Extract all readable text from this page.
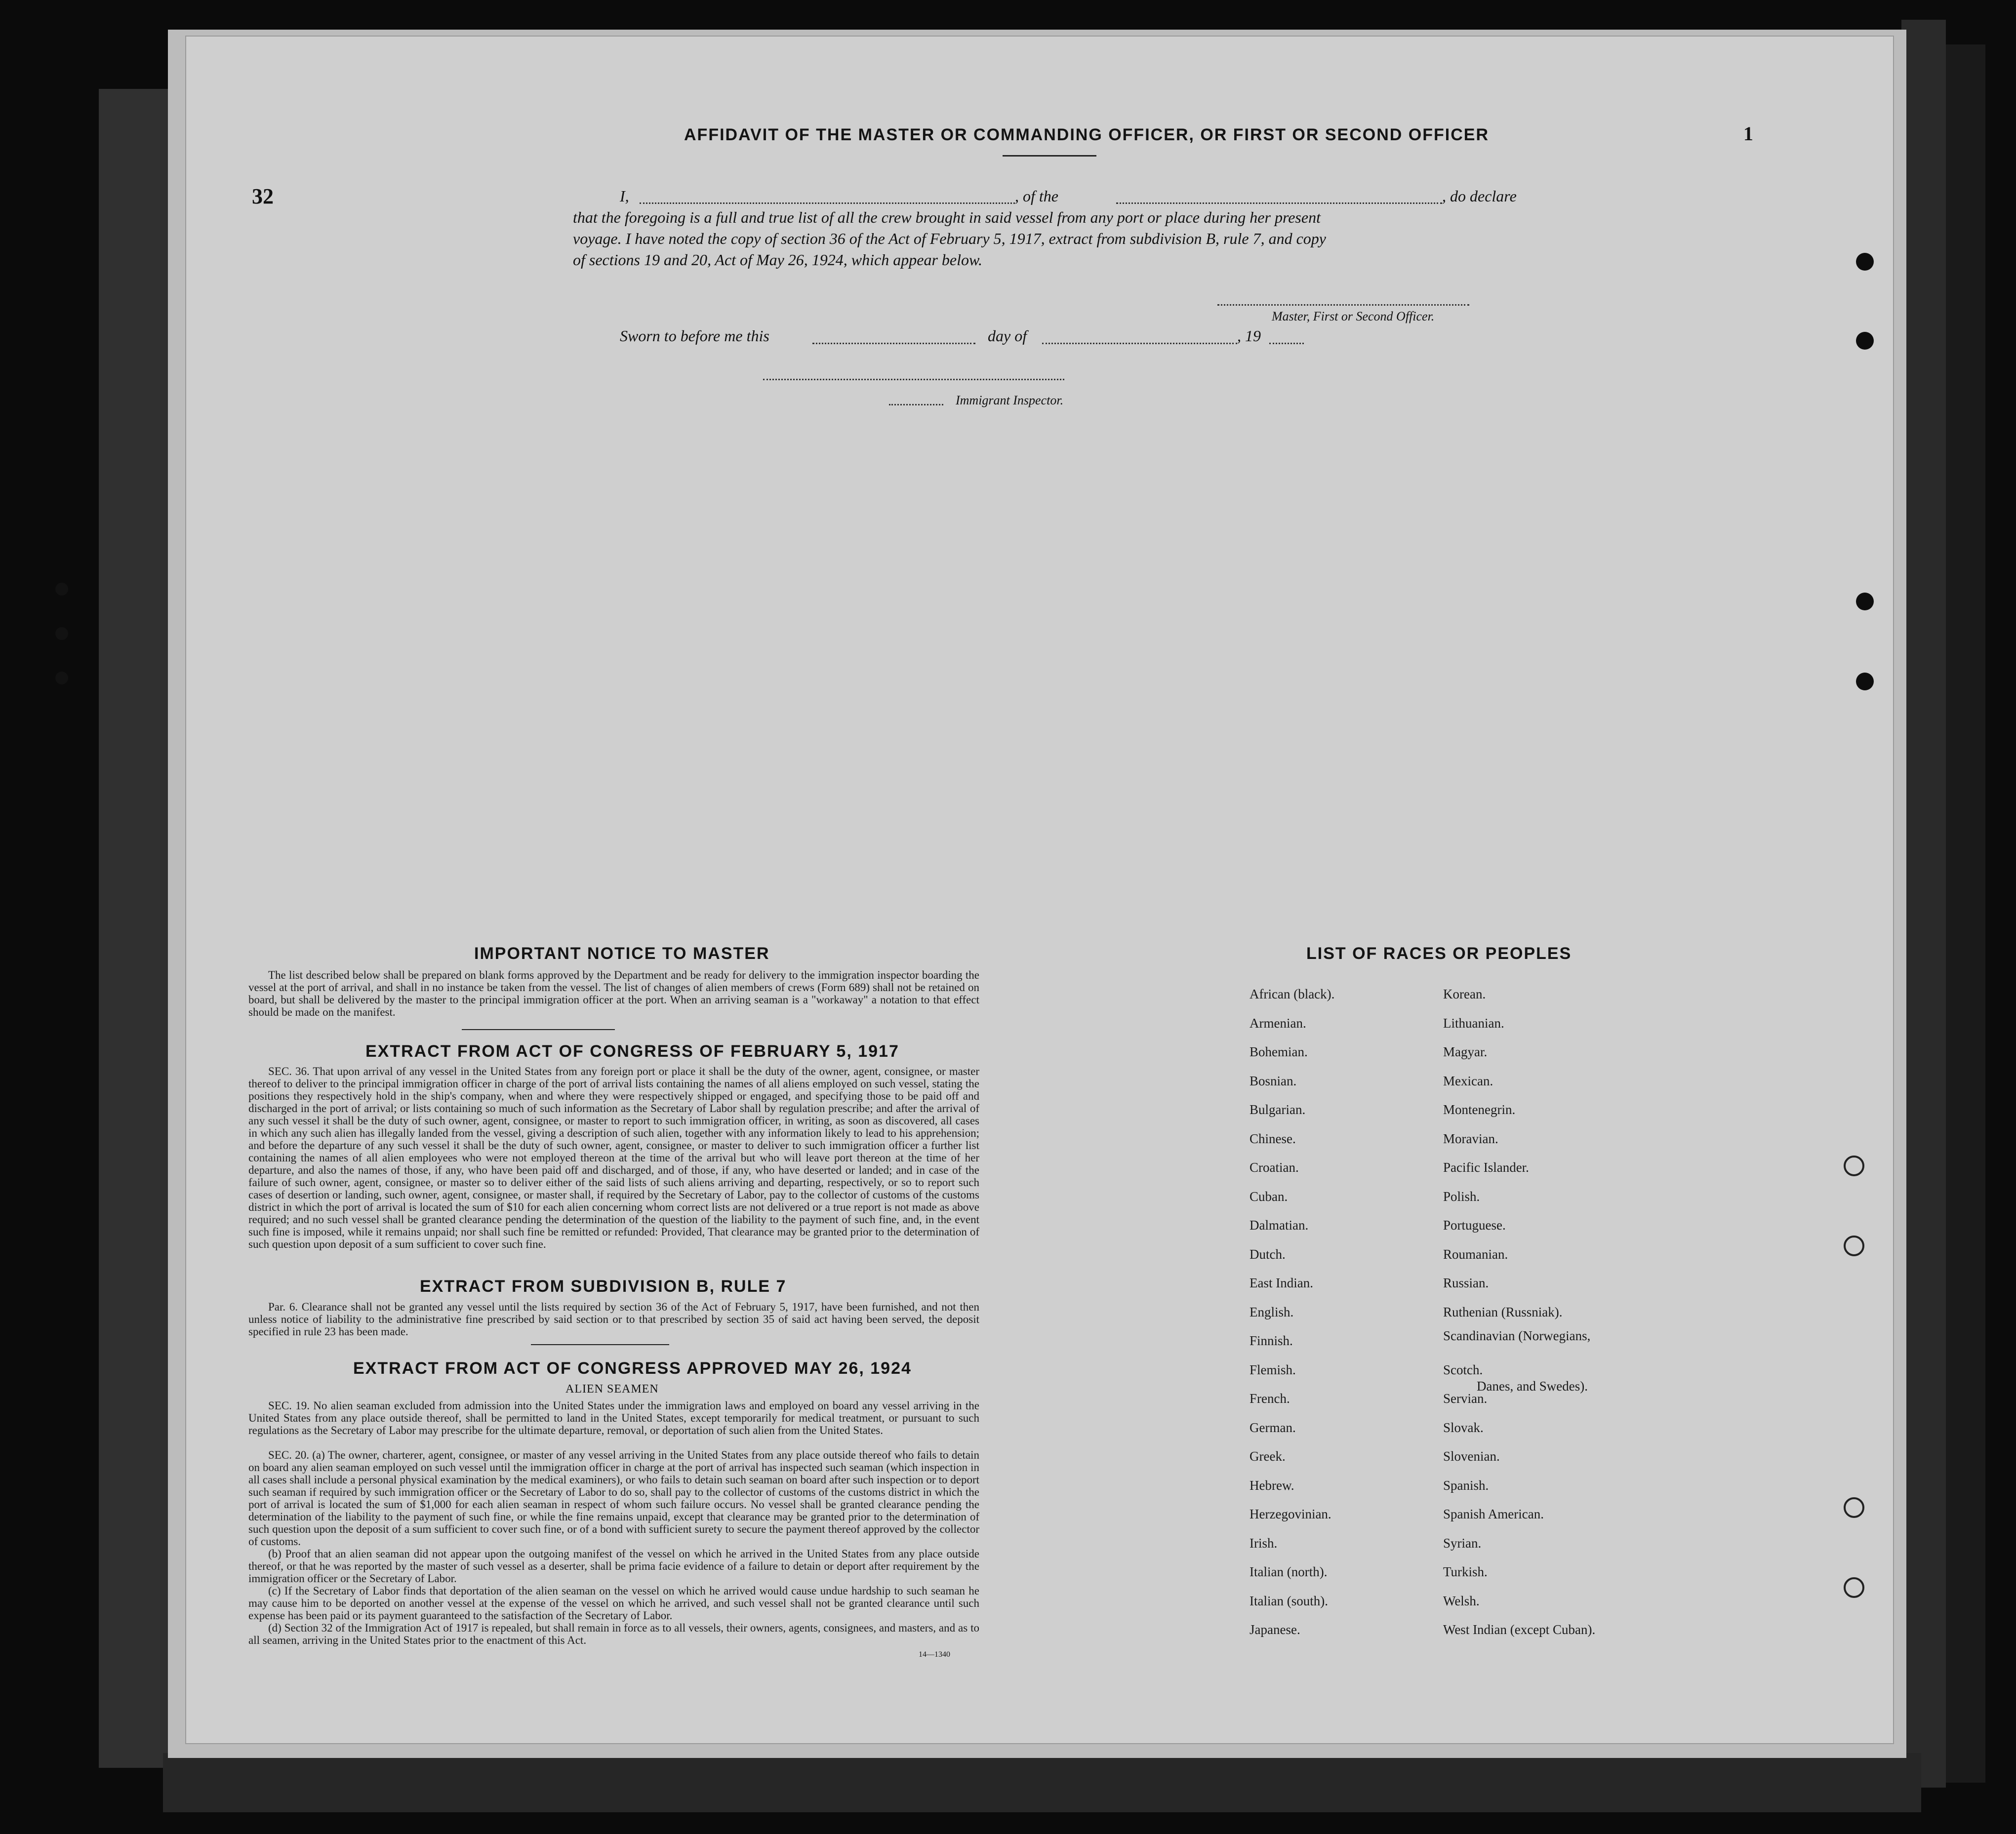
AFFIDAVIT OF THE MASTER OR COMMANDING OFFICER, OR FIRST OR SECOND OFFICER	1
32	I,	, of the	, do declare
that the foregoing is a full and true list of all the crew brought in said vessel from any port or place during her present
voyage. I have noted the copy of section 36 of the Act of February 5, 1917, extract from subdivision B, rule 7, and copy
of sections 19 and 20, Act of May 26, 1924, which appear below.
Master, First or Second Officer.
Sworn to before me this	day of	, 19
Immigrant Inspector.
IMPORTANT NOTICE TO MASTER
The list described below shall be prepared on blank forms approved by the Department and be ready for delivery to the immigration inspector boarding the vessel at the port of arrival, and shall in no instance be taken from the vessel. The list of changes of alien members of crews (Form 689) shall not be retained on board, but shall be delivered by the master to the principal immigration officer at the port. When an arriving seaman is a "workaway" a notation to that effect should be made on the manifest.
EXTRACT FROM ACT OF CONGRESS OF FEBRUARY 5, 1917
SEC. 36. That upon arrival of any vessel in the United States from any foreign port or place it shall be the duty of the owner, agent, consignee, or master thereof to deliver to the principal immigration officer in charge of the port of arrival lists containing the names of all aliens employed on such vessel, stating the positions they respectively hold in the ship's company, when and where they were respectively shipped or engaged, and specifying those to be paid off and discharged in the port of arrival; or lists containing so much of such information as the Secretary of Labor shall by regulation prescribe; and after the arrival of any such vessel it shall be the duty of such owner, agent, consignee, or master to report to such immigration officer, in writing, as soon as discovered, all cases in which any such alien has illegally landed from the vessel, giving a description of such alien, together with any information likely to lead to his apprehension; and before the departure of any such vessel it shall be the duty of such owner, agent, consignee, or master to deliver to such immigration officer a further list containing the names of all alien employees who were not employed thereon at the time of the arrival but who will leave port thereon at the time of her departure, and also the names of those, if any, who have been paid off and discharged, and of those, if any, who have deserted or landed; and in case of the failure of such owner, agent, consignee, or master so to deliver either of the said lists of such aliens arriving and departing, respectively, or so to report such cases of desertion or landing, such owner, agent, consignee, or master shall, if required by the Secretary of Labor, pay to the collector of customs of the customs district in which the port of arrival is located the sum of $10 for each alien concerning whom correct lists are not delivered or a true report is not made as above required; and no such vessel shall be granted clearance pending the determination of the question of the liability to the payment of such fine, and, in the event such fine is imposed, while it remains unpaid; nor shall such fine be remitted or refunded: Provided, That clearance may be granted prior to the determination of such question upon deposit of a sum sufficient to cover such fine.
EXTRACT FROM SUBDIVISION B, RULE 7
Par. 6. Clearance shall not be granted any vessel until the lists required by section 36 of the Act of February 5, 1917, have been furnished, and not then unless notice of liability to the administrative fine prescribed by said section or to that prescribed by section 35 of said act having been served, the deposit specified in rule 23 has been made.
EXTRACT FROM ACT OF CONGRESS APPROVED MAY 26, 1924
ALIEN SEAMEN
SEC. 19. No alien seaman excluded from admission into the United States under the immigration laws and employed on board any vessel arriving in the United States from any place outside thereof, shall be permitted to land in the United States, except temporarily for medical treatment, or pursuant to such regulations as the Secretary of Labor may prescribe for the ultimate departure, removal, or deportation of such alien from the United States.
SEC. 20. (a) The owner, charterer, agent, consignee, or master of any vessel arriving in the United States from any place outside thereof who fails to detain on board any alien seaman employed on such vessel until the immigration officer in charge at the port of arrival has inspected such seaman (which inspection in all cases shall include a personal physical examination by the medical examiners), or who fails to detain such seaman on board after such inspection or to deport such seaman if required by such immigration officer or the Secretary of Labor to do so, shall pay to the collector of customs of the customs district in which the port of arrival is located the sum of $1,000 for each alien seaman in respect of whom such failure occurs. No vessel shall be granted clearance pending the determination of the liability to the payment of such fine, or while the fine remains unpaid, except that clearance may be granted prior to the determination of such question upon the deposit of a sum sufficient to cover such fine, or of a bond with sufficient surety to secure the payment thereof approved by the collector of customs.
(b) Proof that an alien seaman did not appear upon the outgoing manifest of the vessel on which he arrived in the United States from any place outside thereof, or that he was reported by the master of such vessel as a deserter, shall be prima facie evidence of a failure to detain or deport after requirement by the immigration officer or the Secretary of Labor.
(c) If the Secretary of Labor finds that deportation of the alien seaman on the vessel on which he arrived would cause undue hardship to such seaman he may cause him to be deported on another vessel at the expense of the vessel on which he arrived, and such vessel shall not be granted clearance until such expense has been paid or its payment guaranteed to the satisfaction of the Secretary of Labor.
(d) Section 32 of the Immigration Act of 1917 is repealed, but shall remain in force as to all vessels, their owners, agents, consignees, and masters, and as to all seamen, arriving in the United States prior to the enactment of this Act.
14—1340
LIST OF RACES OR PEOPLES
African (black).
Armenian.
Bohemian.
Bosnian.
Bulgarian.
Chinese.
Croatian.
Cuban.
Dalmatian.
Dutch.
East Indian.
English.
Finnish.
Flemish.
French.
German.
Greek.
Hebrew.
Herzegovinian.
Irish.
Italian (north).
Italian (south).
Japanese.
Korean.
Lithuanian.
Magyar.
Mexican.
Montenegrin.
Moravian.
Pacific Islander.
Polish.
Portuguese.
Roumanian.
Russian.
Ruthenian (Russniak).
Scandinavian (Norwegians,
Scotch.
Servian.
Slovak.
Slovenian.
Spanish.
Spanish American.
Syrian.
Turkish.
Welsh.
West Indian (except Cuban).
Danes, and Swedes).
